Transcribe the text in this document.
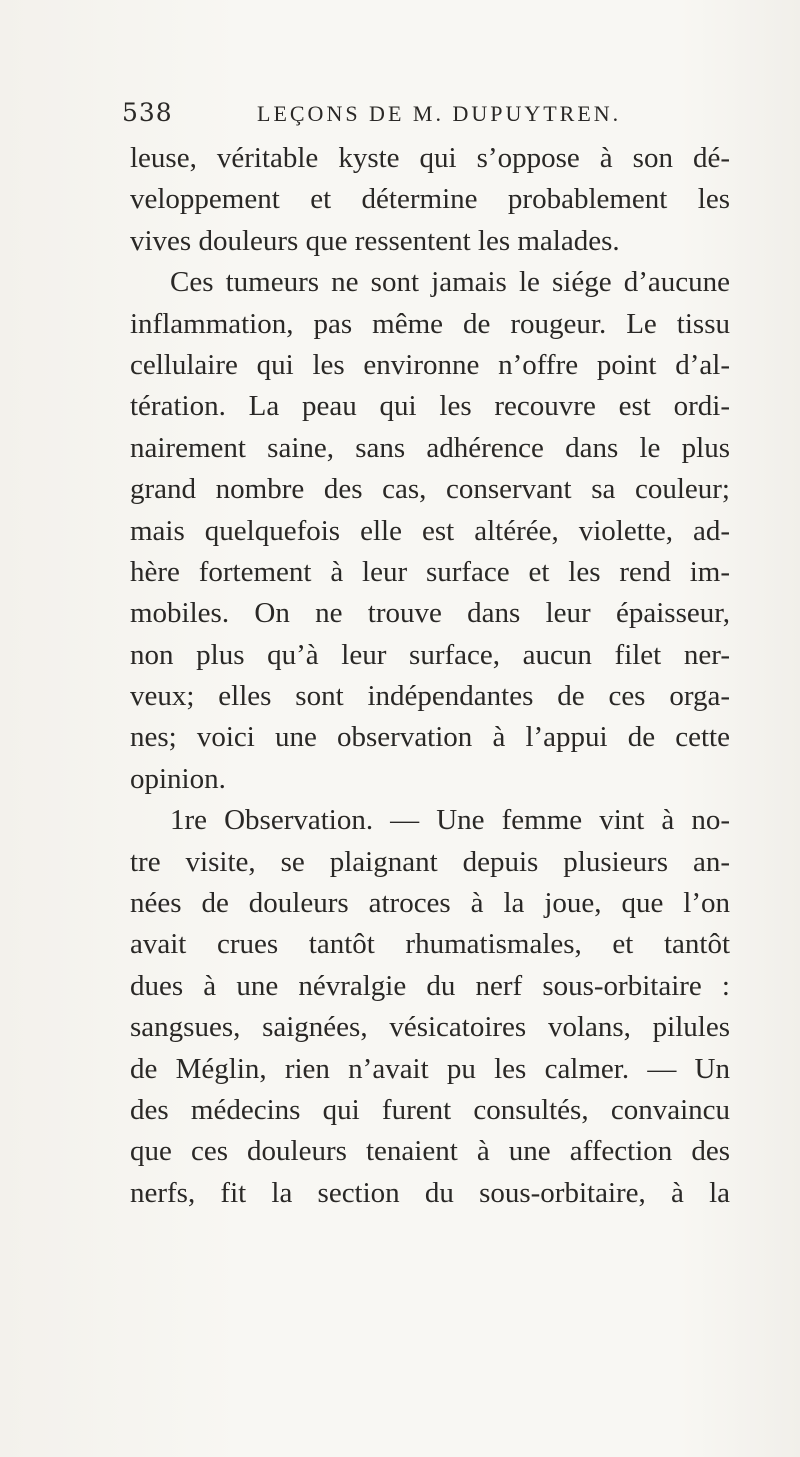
538	LEÇONS DE M. DUPUYTREN.
leuse, véritable kyste qui s’oppose à son dé-
veloppement et détermine probablement les
vives douleurs que ressentent les malades.
Ces tumeurs ne sont jamais le siége d’aucune
inflammation, pas même de rougeur. Le tissu
cellulaire qui les environne n’offre point d’al-
tération. La peau qui les recouvre est ordi-
nairement saine, sans adhérence dans le plus
grand nombre des cas, conservant sa couleur;
mais quelquefois elle est altérée, violette, ad-
hère fortement à leur surface et les rend im-
mobiles. On ne trouve dans leur épaisseur,
non plus qu’à leur surface, aucun filet ner-
veux; elles sont indépendantes de ces orga-
nes; voici une observation à l’appui de cette
opinion.
1re Observation. — Une femme vint à no-
tre visite, se plaignant depuis plusieurs an-
nées de douleurs atroces à la joue, que l’on
avait crues tantôt rhumatismales, et tantôt
dues à une névralgie du nerf sous-orbitaire :
sangsues, saignées, vésicatoires volans, pilules
de Méglin, rien n’avait pu les calmer. — Un
des médecins qui furent consultés, convaincu
que ces douleurs tenaient à une affection des
nerfs, fit la section du sous-orbitaire, à la
